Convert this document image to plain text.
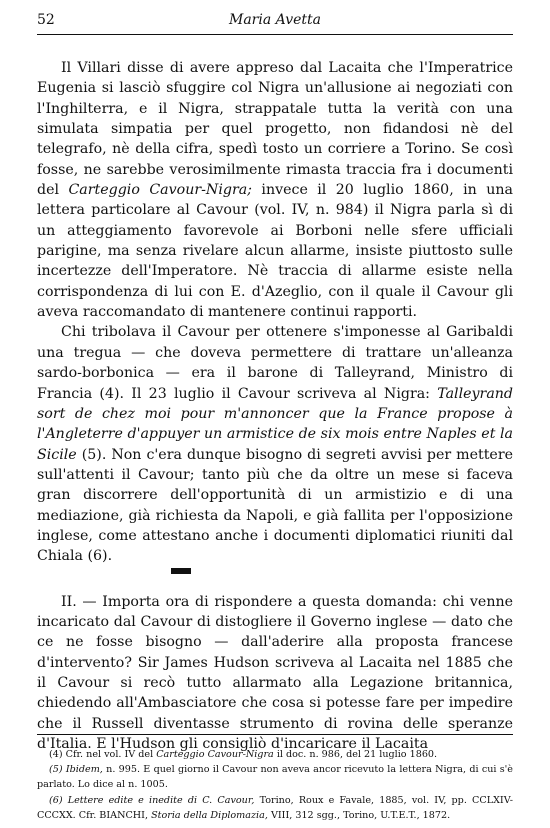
52	Maria Avetta

Il Villari disse di avere appreso dal Lacaita che l'Imperatrice Eugenia si lasciò sfuggire col Nigra un'allusione ai negoziati con l'Inghilterra, e il Nigra, strappatale tutta la verità con una simulata simpatia per quel progetto, non fidandosi nè del telegrafo, nè della cifra, spedì tosto un corriere a Torino. Se così fosse, ne sarebbe verosimilmente rimasta traccia fra i documenti del Carteggio Cavour-Nigra; invece il 20 luglio 1860, in una lettera particolare al Cavour (vol. IV, n. 984) il Nigra parla sì di un atteggiamento favorevole ai Borboni nelle sfere ufficiali parigine, ma senza rivelare alcun allarme, insiste piuttosto sulle incertezze dell'Imperatore. Nè traccia di allarme esiste nella corrispondenza di lui con E. d'Azeglio, con il quale il Cavour gli aveva raccomandato di mantenere continui rapporti.

Chi tribolava il Cavour per ottenere s'imponesse al Garibaldi una tregua — che doveva permettere di trattare un'alleanza sardo-borbonica — era il barone di Talleyrand, Ministro di Francia (4). Il 23 luglio il Cavour scriveva al Nigra: Talleyrand sort de chez moi pour m'annoncer que la France propose à l'Angleterre d'appuyer un armistice de six mois entre Naples et la Sicile (5). Non c'era dunque bisogno di segreti avvisi per mettere sull'attenti il Cavour; tanto più che da oltre un mese si faceva gran discorrere dell'opportunità di un armistizio e di una mediazione, già richiesta da Napoli, e già fallita per l'opposizione inglese, come attestano anche i documenti diplomatici riuniti dal Chiala (6).

II. — Importa ora di rispondere a questa domanda: chi venne incaricato dal Cavour di distogliere il Governo inglese — dato che ce ne fosse bisogno — dall'aderire alla proposta francese d'intervento? Sir James Hudson scriveva al Lacaita nel 1885 che il Cavour si recò tutto allarmato alla Legazione britannica, chiedendo all'Ambasciatore che cosa si potesse fare per impedire che il Russell diventasse strumento di rovina delle speranze d'Italia. E l'Hudson gli consigliò d'incaricare il Lacaita

(4) Cfr. nel vol. IV del Carteggio Cavour-Nigra il doc. n. 986, del 21 luglio 1860.

(5) Ibidem, n. 995. E quel giorno il Cavour non aveva ancor ricevuto la lettera Nigra, di cui s'è parlato. Lo dice al n. 1005.

(6) Lettere edite e inedite di C. Cavour, Torino, Roux e Favale, 1885, vol. IV, pp. CCLXIV-CCCXX. Cfr. BIANCHI, Storia della Diplomazia, VIII, 312 sgg., Torino, U.T.E.T., 1872.
